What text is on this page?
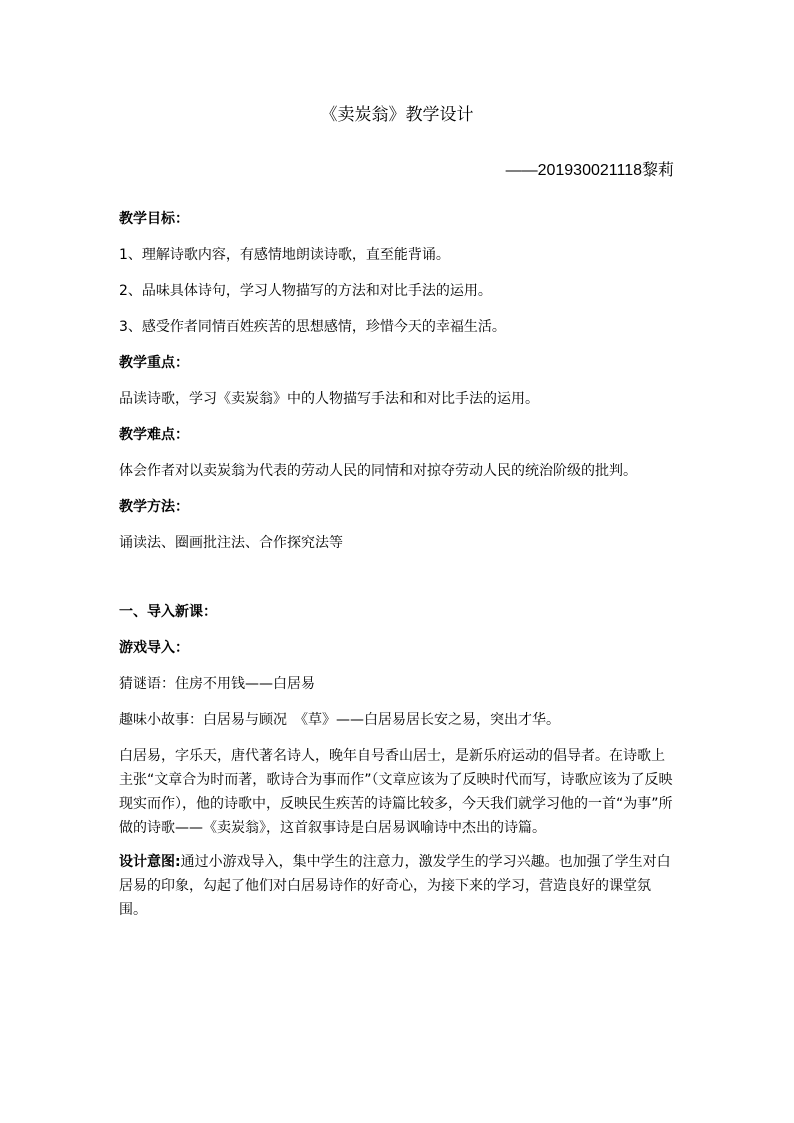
《卖炭翁》教学设计
——201930021118黎莉

教学目标：

1、理解诗歌内容，有感情地朗读诗歌，直至能背诵。

2、品味具体诗句，学习人物描写的方法和对比手法的运用。

3、感受作者同情百姓疾苦的思想感情，珍惜今天的幸福生活。

教学重点：

品读诗歌，学习《卖炭翁》中的人物描写手法和和对比手法的运用。

教学难点：

体会作者对以卖炭翁为代表的劳动人民的同情和对掠夺劳动人民的统治阶级的批判。

教学方法：

诵读法、圈画批注法、合作探究法等

一、导入新课：

游戏导入：

猜谜语：住房不用钱——白居易

趣味小故事：白居易与顾况　《草》——白居易居长安之易，突出才华。

白居易，字乐天，唐代著名诗人，晚年自号香山居士，是新乐府运动的倡导者。在诗歌上主张“文章合为时而著，歌诗合为事而作”（文章应该为了反映时代而写，诗歌应该为了反映现实而作），他的诗歌中，反映民生疾苦的诗篇比较多，今天我们就学习他的一首“为事”所做的诗歌——《卖炭翁》，这首叙事诗是白居易讽喻诗中杰出的诗篇。

设计意图:通过小游戏导入，集中学生的注意力，激发学生的学习兴趣。也加强了学生对白居易的印象，勾起了他们对白居易诗作的好奇心，为接下来的学习，营造良好的课堂氛围。
